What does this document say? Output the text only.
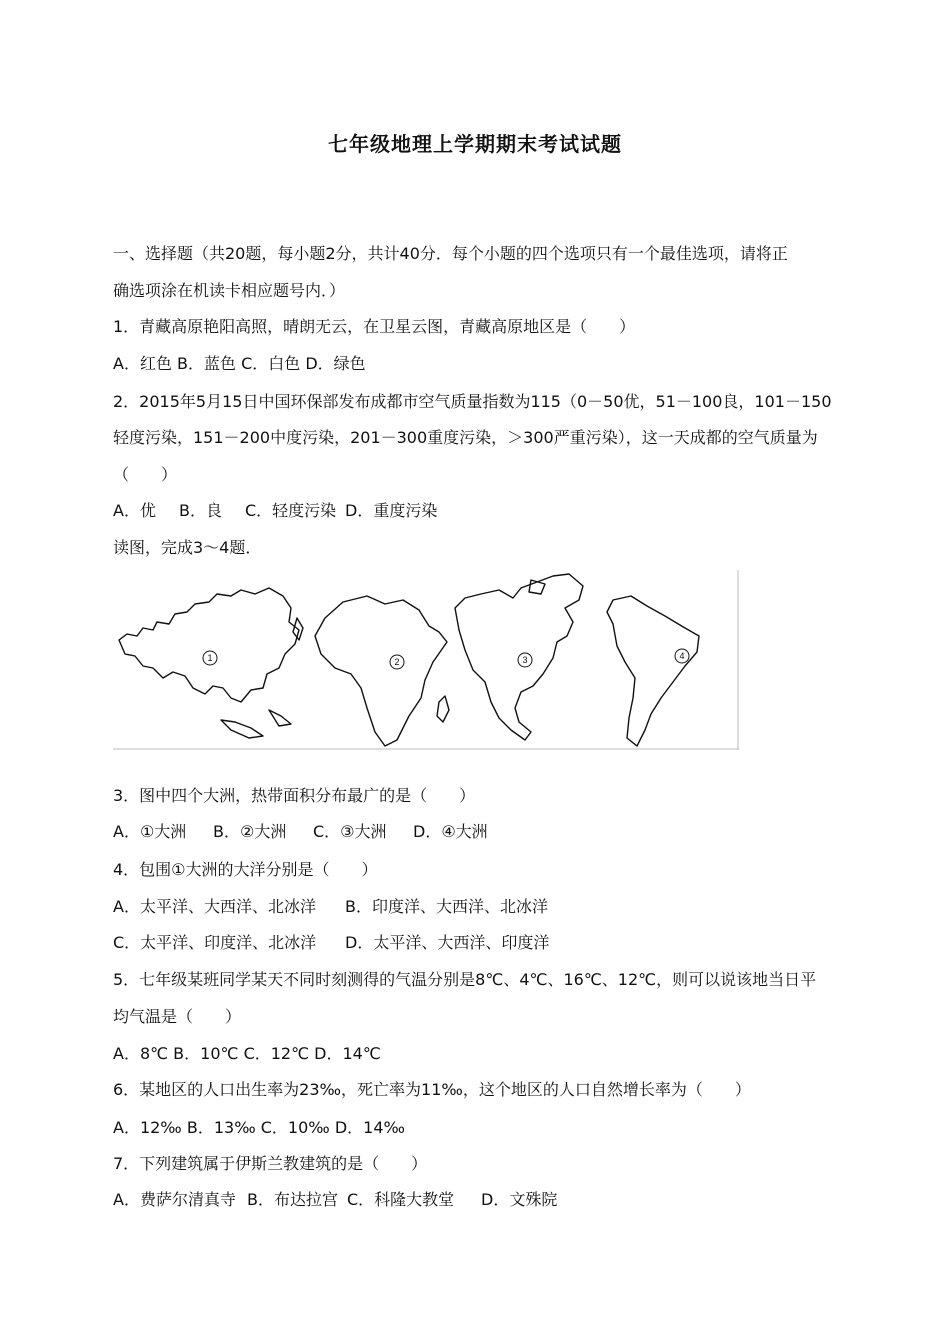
七年级地理上学期期末考试试题
一、选择题（共20题，每小题2分，共计40分．每个小题的四个选项只有一个最佳选项，请将正
确选项涂在机读卡相应题号内．）
1．青藏高原艳阳高照，晴朗无云，在卫星云图，青藏高原地区是（　　）
A．红色 B．蓝色 C．白色 D．绿色
2．2015年5月15日中国环保部发布成都市空气质量指数为115（0－50优，51－100良，101－150
轻度污染，151－200中度污染，201－300重度污染，＞300严重污染），这一天成都的空气质量为
（　　）
A．优 B．良 C．轻度污染 D．重度污染
读图，完成3～4题．
1	2	3	4
3．图中四个大洲，热带面积分布最广的是（　　）
A．①大洲 B．②大洲 C．③大洲 D．④大洲
4．包围①大洲的大洋分别是（　　）
A．太平洋、大西洋、北冰洋 B．印度洋、大西洋、北冰洋
C．太平洋、印度洋、北冰洋 D．太平洋、大西洋、印度洋
5．七年级某班同学某天不同时刻测得的气温分别是8℃、4℃、16℃、12℃，则可以说该地当日平
均气温是（　　）
A．8℃ B．10℃ C．12℃ D．14℃
6．某地区的人口出生率为23‰，死亡率为11‰，这个地区的人口自然增长率为（　　）
A．12‰ B．13‰ C．10‰ D．14‰
7．下列建筑属于伊斯兰教建筑的是（　　）
A．费萨尔清真寺 B．布达拉宫 C．科隆大教堂 D．文殊院
